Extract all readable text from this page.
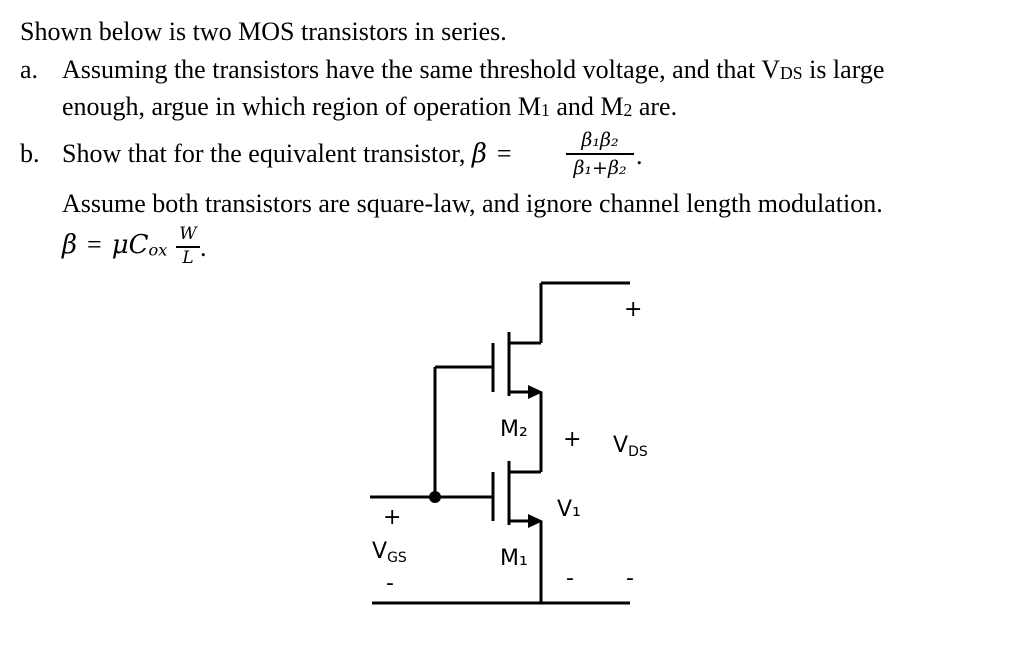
Shown below is two MOS transistors in series.
a. Assuming the transistors have the same threshold voltage, and that VDS is large
enough, argue in which region of operation M1 and M2 are.
b. Show that for the equivalent transistor, β =	β₁β₂
β₁+β₂ .
Assume both transistors are square-law, and ignore channel length modulation.
β = μCox
W
L .
M₂
M₁
+
VDS
-
+
V₁
-
+
VGS
-
